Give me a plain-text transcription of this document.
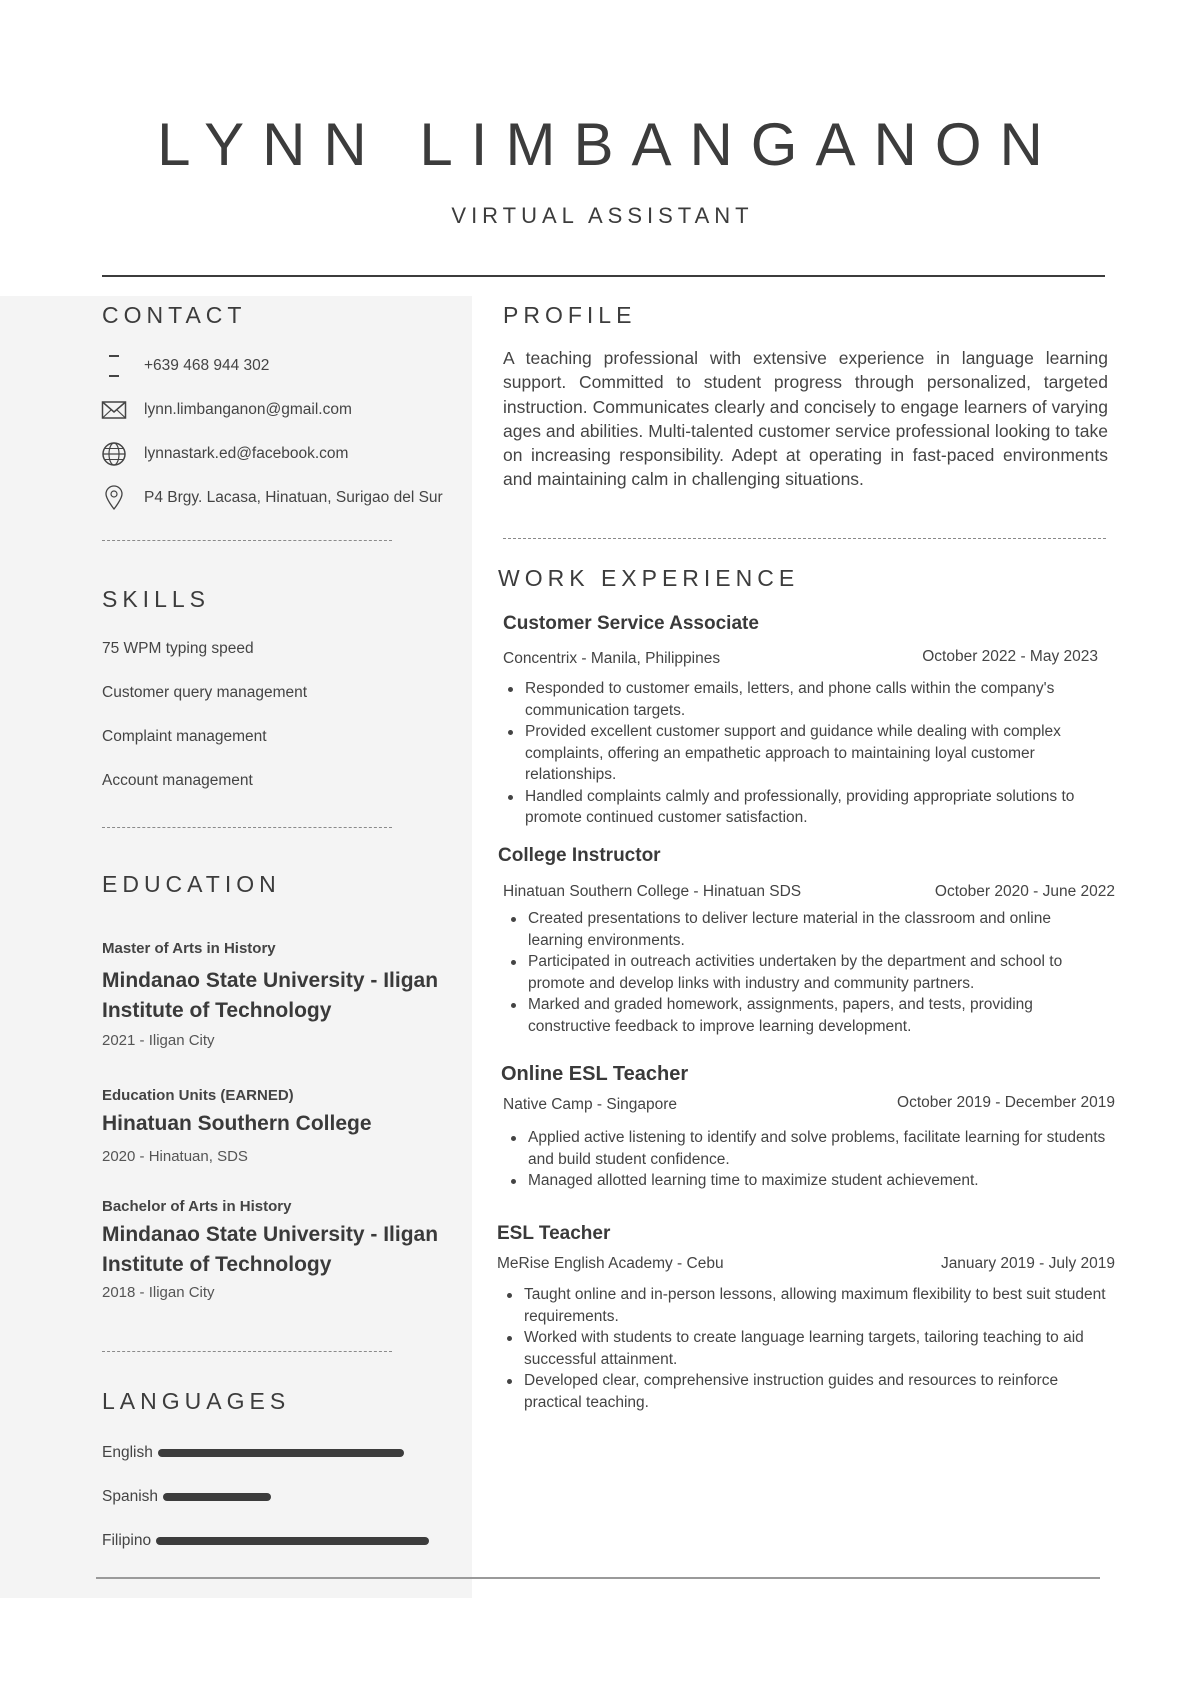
LYNN LIMBANGANON
VIRTUAL ASSISTANT
CONTACT
+639 468 944 302
lynn.limbanganon@gmail.com
lynnastark.ed@facebook.com
P4 Brgy. Lacasa, Hinatuan, Surigao del Sur
SKILLS
75 WPM typing speed
Customer query management
Complaint management
Account management
EDUCATION
Master of Arts in History
Mindanao State University - Iligan Institute of Technology
2021 - Iligan City
Education Units (EARNED)
Hinatuan Southern College
2020 - Hinatuan, SDS
Bachelor of Arts in History
Mindanao State University - Iligan Institute of Technology
2018 - Iligan City
LANGUAGES
English
Spanish
Filipino
PROFILE
A teaching professional with extensive experience in language learning support. Committed to student progress through personalized, targeted instruction. Communicates clearly and concisely to engage learners of varying ages and abilities. Multi-talented customer service professional looking to take on increasing responsibility. Adept at operating in fast-paced environments and maintaining calm in challenging situations.
WORK EXPERIENCE
Customer Service Associate
Concentrix - Manila, Philippines	October 2022 - May 2023
Responded to customer emails, letters, and phone calls within the company's communication targets.
Provided excellent customer support and guidance while dealing with complex complaints, offering an empathetic approach to maintaining loyal customer relationships.
Handled complaints calmly and professionally, providing appropriate solutions to promote continued customer satisfaction.
College Instructor
Hinatuan Southern College - Hinatuan SDS	October 2020 - June 2022
Created presentations to deliver lecture material in the classroom and online learning environments.
Participated in outreach activities undertaken by the department and school to promote and develop links with industry and community partners.
Marked and graded homework, assignments, papers, and tests, providing constructive feedback to improve learning development.
Online ESL Teacher
Native Camp - Singapore	October 2019 - December 2019
Applied active listening to identify and solve problems, facilitate learning for students and build student confidence.
Managed allotted learning time to maximize student achievement.
ESL Teacher
MeRise English Academy - Cebu	January 2019 - July 2019
Taught online and in-person lessons, allowing maximum flexibility to best suit student requirements.
Worked with students to create language learning targets, tailoring teaching to aid successful attainment.
Developed clear, comprehensive instruction guides and resources to reinforce practical teaching.
